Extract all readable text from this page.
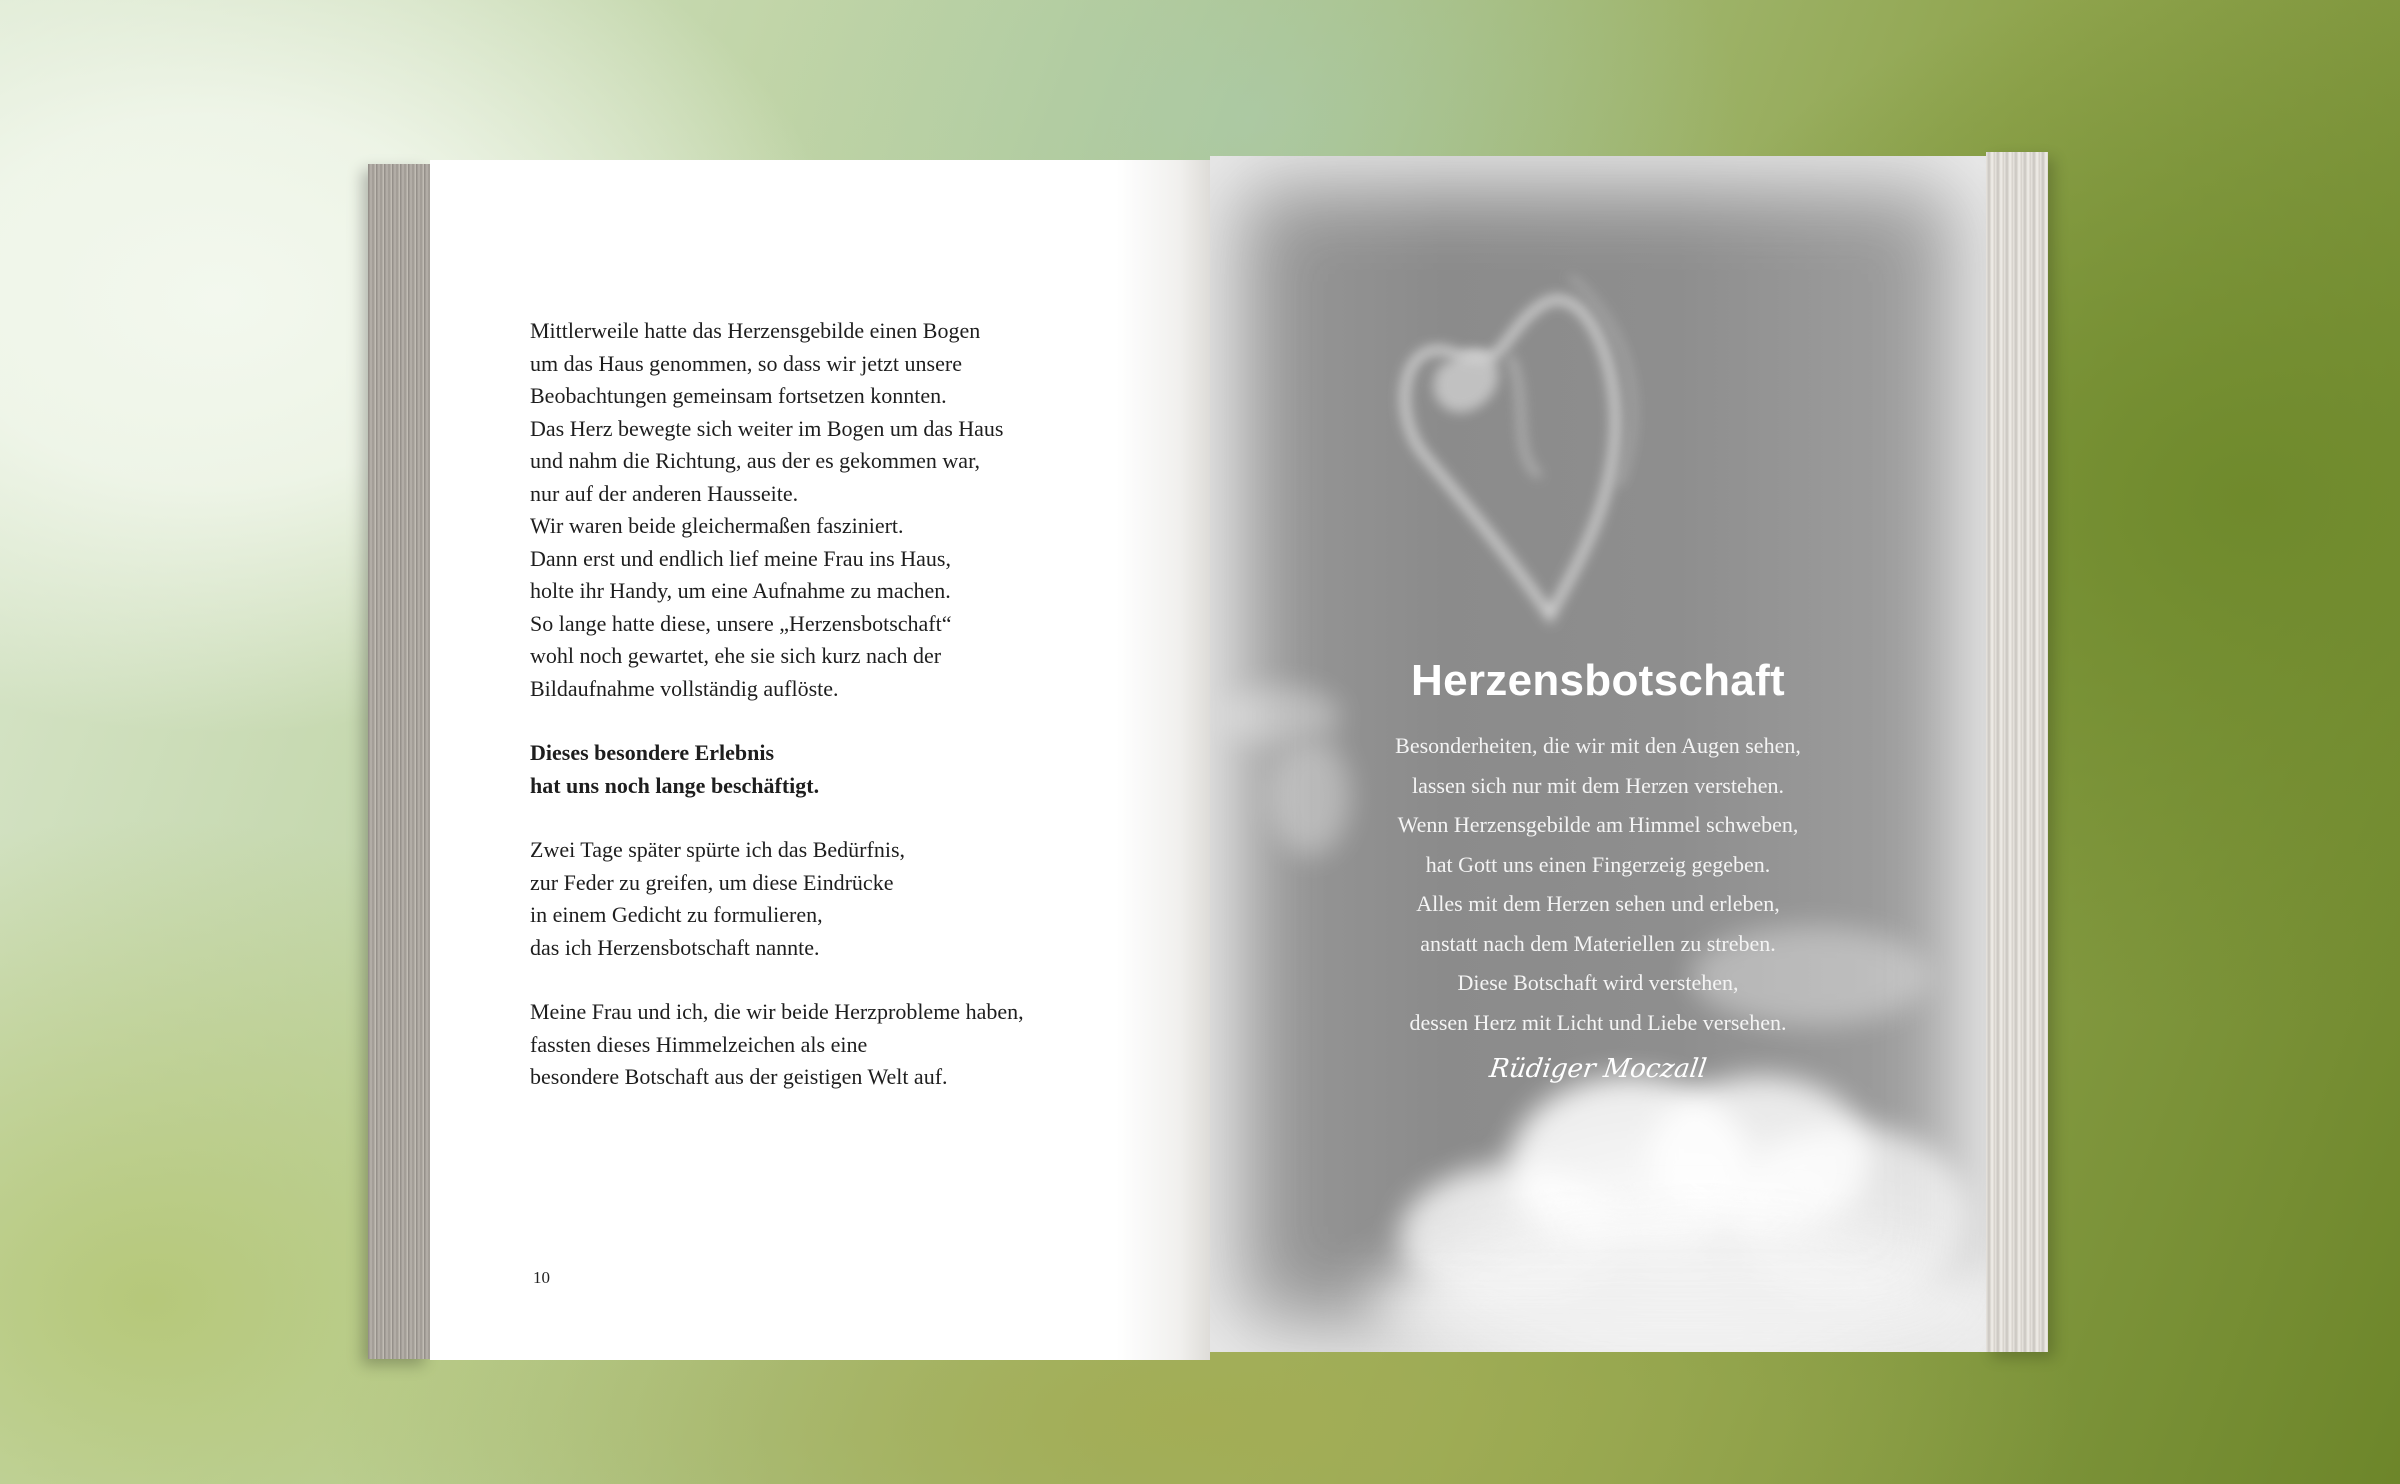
Mittlerweile hatte das Herzensgebilde einen Bogen

um das Haus genommen, so dass wir jetzt unsere

Beobachtungen gemeinsam fortsetzen konnten.

Das Herz bewegte sich weiter im Bogen um das Haus

und nahm die Richtung, aus der es gekommen war,

nur auf der anderen Hausseite.

Wir waren beide gleichermaßen fasziniert.

Dann erst und endlich lief meine Frau ins Haus,

holte ihr Handy, um eine Aufnahme zu machen.

So lange hatte diese, unsere „Herzensbotschaft“

wohl noch gewartet, ehe sie sich kurz nach der

Bildaufnahme vollständig auflöste.

Dieses besondere Erlebnis

hat uns noch lange beschäftigt.

Zwei Tage später spürte ich das Bedürfnis,

zur Feder zu greifen, um diese Eindrücke

in einem Gedicht zu formulieren,

das ich Herzensbotschaft nannte.

Meine Frau und ich, die wir beide Herzprobleme haben,

fassten dieses Himmelzeichen als eine

besondere Botschaft aus der geistigen Welt auf.

10
Herzensbotschaft
Besonderheiten, die wir mit den Augen sehen,
lassen sich nur mit dem Herzen verstehen.
Wenn Herzensgebilde am Himmel schweben,
hat Gott uns einen Fingerzeig gegeben.
Alles mit dem Herzen sehen und erleben,
anstatt nach dem Materiellen zu streben.
Diese Botschaft wird verstehen,
dessen Herz mit Licht und Liebe versehen.
Rüdiger Moczall
